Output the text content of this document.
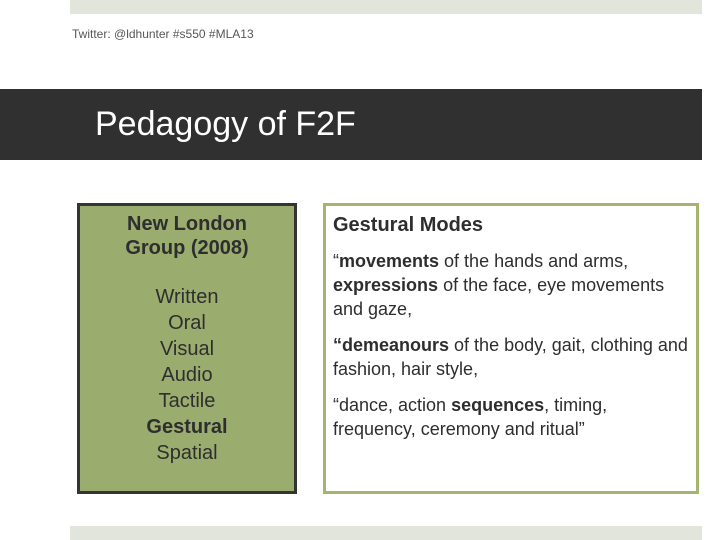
Twitter: @ldhunter #s550 #MLA13
Pedagogy of F2F
New London
Group (2008)
Written
Oral
Visual
Audio
Tactile
Gestural
Spatial
Gestural Modes
“movements of the hands and arms, expressions of the face, eye movements and gaze,
“demeanours of the body, gait, clothing and fashion, hair style,
“dance, action sequences, timing, frequency, ceremony and ritual”
